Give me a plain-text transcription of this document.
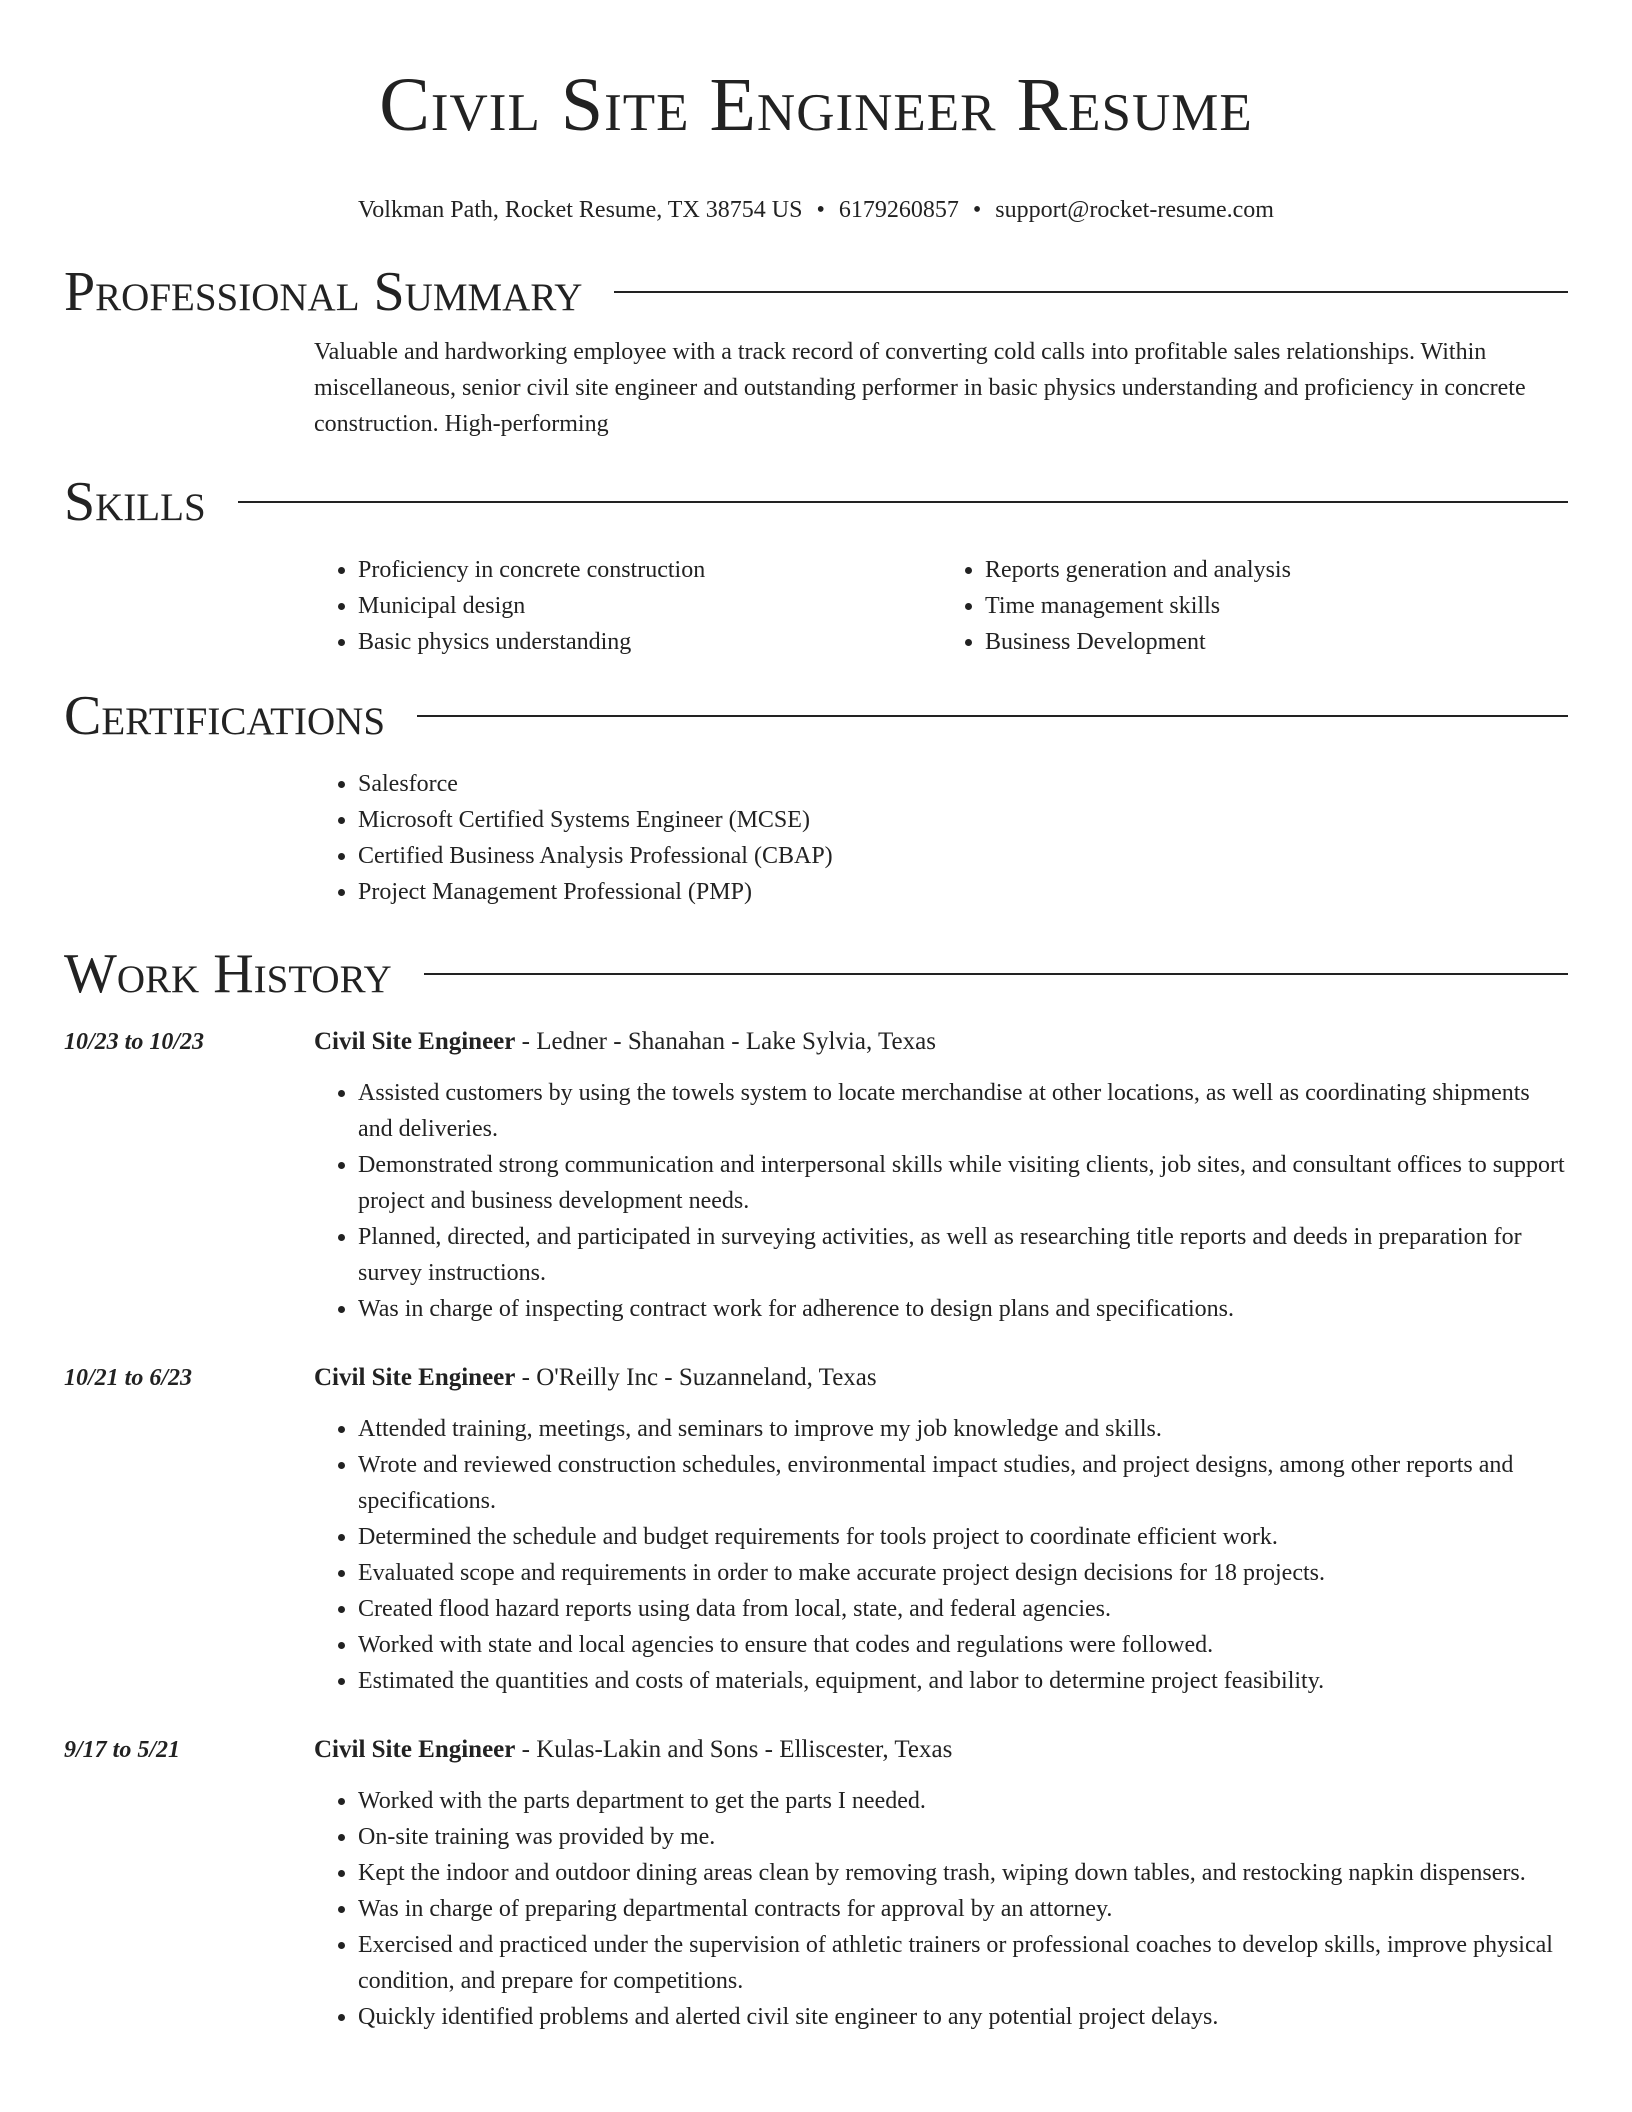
Civil Site Engineer Resume
Volkman Path, Rocket Resume, TX 38754 US • 6179260857 • support@rocket-resume.com
Professional Summary

Valuable and hardworking employee with a track record of converting cold calls into profitable sales relationships. Within miscellaneous, senior civil site engineer and outstanding performer in basic physics understanding and proficiency in concrete construction. High-performing

Skills
• Proficiency in concrete construction
• Municipal design
• Basic physics understanding
• Reports generation and analysis
• Time management skills
• Business Development
Certifications
• Salesforce
• Microsoft Certified Systems Engineer (MCSE)
• Certified Business Analysis Professional (CBAP)
• Project Management Professional (PMP)
Work History
10/23 to 10/23	Civil Site Engineer - Ledner - Shanahan - Lake Sylvia, Texas
• Assisted customers by using the towels system to locate merchandise at other locations, as well as coordinating shipments and deliveries.
• Demonstrated strong communication and interpersonal skills while visiting clients, job sites, and consultant offices to support project and business development needs.
• Planned, directed, and participated in surveying activities, as well as researching title reports and deeds in preparation for survey instructions.
• Was in charge of inspecting contract work for adherence to design plans and specifications.
10/21 to 6/23	Civil Site Engineer - O'Reilly Inc - Suzanneland, Texas
• Attended training, meetings, and seminars to improve my job knowledge and skills.
• Wrote and reviewed construction schedules, environmental impact studies, and project designs, among other reports and specifications.
• Determined the schedule and budget requirements for tools project to coordinate efficient work.
• Evaluated scope and requirements in order to make accurate project design decisions for 18 projects.
• Created flood hazard reports using data from local, state, and federal agencies.
• Worked with state and local agencies to ensure that codes and regulations were followed.
• Estimated the quantities and costs of materials, equipment, and labor to determine project feasibility.
9/17 to 5/21	Civil Site Engineer - Kulas-Lakin and Sons - Elliscester, Texas
• Worked with the parts department to get the parts I needed.
• On-site training was provided by me.
• Kept the indoor and outdoor dining areas clean by removing trash, wiping down tables, and restocking napkin dispensers.
• Was in charge of preparing departmental contracts for approval by an attorney.
• Exercised and practiced under the supervision of athletic trainers or professional coaches to develop skills, improve physical condition, and prepare for competitions.
• Quickly identified problems and alerted civil site engineer to any potential project delays.
